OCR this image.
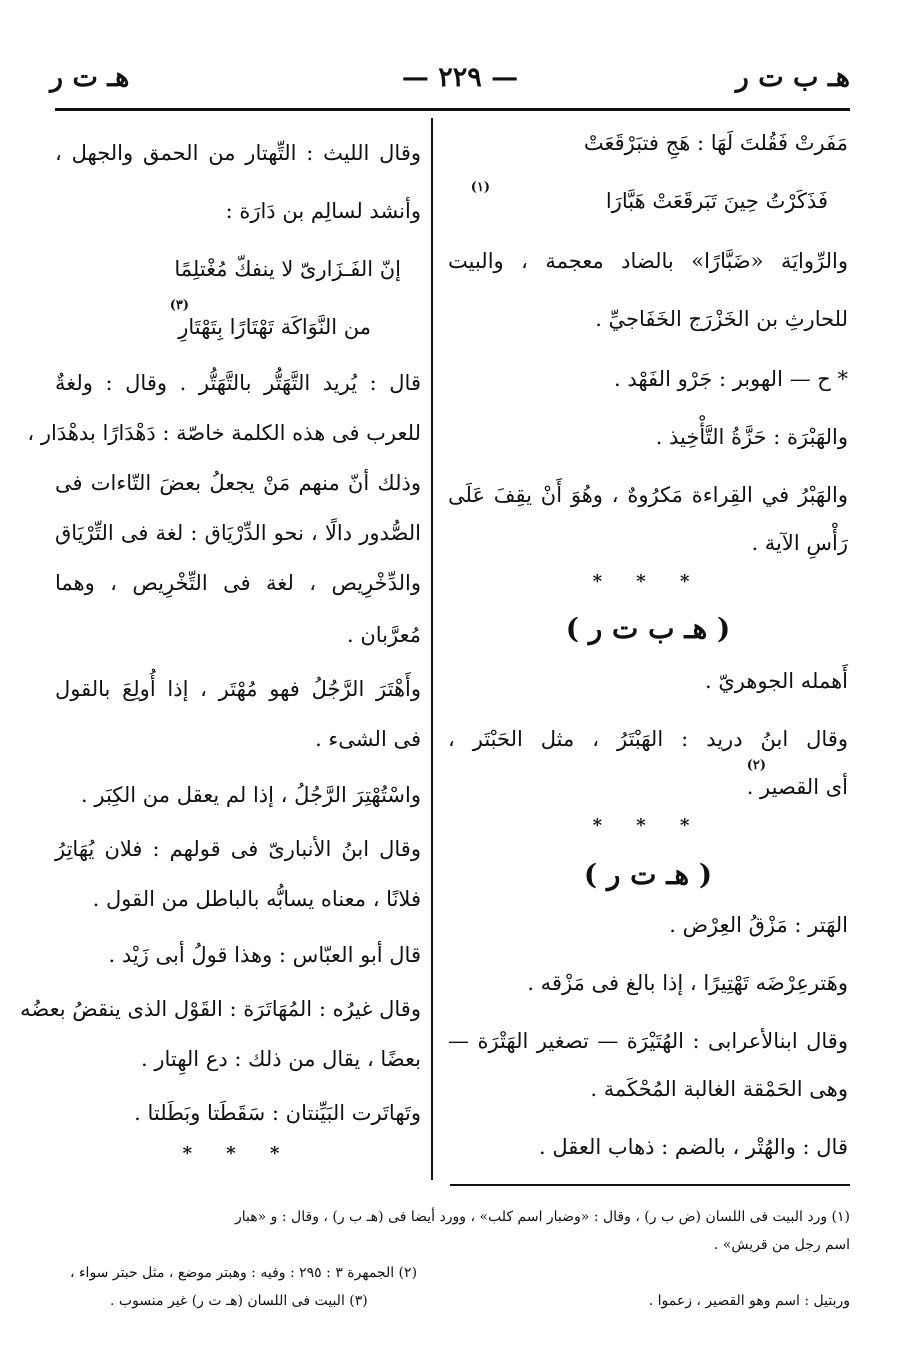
هـ ب ت ر
— ٢٢٩ —
هـ ت ر
مَفَرتْ فَقُلتَ لَهَا : هَجِ فتبَرْقَعَتْ
فَذَكَرْتُ حِينَ تَبَرقَعَتْ هَبَّارَا
(١)
والرِّوايَة «ضَبَّارًا» بالضاد معجمة ، والبيت
للحارثِ بن الخَزْرَج الخَفَاجيِّ .
* ح — الهوبر : جَرْو الفَهْد .
والهَبْرَة : حَزَّةُ التَّأْخِيذ .
والهَبْرُ في القِراءة مَكرُوهٌ ، وهُوَ أَنْ يقِفَ عَلَى
رَأْسِ الآية .
* * *
( هـ ب ت ر )
أَهمله الجوهريّ .
وقال ابنُ دريد : الهَبْتَرُ ، مثل الحَبْتَر ،
أى القصير .
(٢)
* * *
( هـ ت ر )
الهَتر : مَزْقُ العِرْض .
وهَترعِرْضَه تَهْتِيرًا ، إذا بالغ فى مَزْقه .
وقال ابنالأعرابى : الهُتَيْرَة — تصغير الهَتْرَة —
وهى الحَمْقة الغالبة المُحْكَمة .
قال : والهُتْر ، بالضم : ذهاب العقل .
وقال الليث : التِّهتار من الحمق والجهل ،
وأنشد لسالِم بن دَارَة :
إنّ الفَـزَارىّ لا ينفكّ مُغْتلِمًا
من النَّوَاكَة تَهْتَارًا بِتَهْتَارِ
(٣)
قال : يُريد التَّهَتُّر بالتَّهَتُّر . وقال : ولغةٌ
للعرب فى هذه الكلمة خاصّة : دَهْدَارًا بدهْدَار ،
وذلك أنّ منهم مَنْ يجعلُ بعضَ التّاءات فى
الصُّدور دالًا ، نحو الدِّرْيَاق : لغة فى التِّرْيَاق
والدِّخْرِيص ، لغة فى التِّخْرِيص ، وهما
مُعرَّبان .
وأَهْتَرَ الرَّجُلُ فهو مُهْتَر ، إذا أُولِعَ بالقول
فى الشىء .
واسْتُهْتِرَ الرَّجُلُ ، إذا لم يعقل من الكِبَر .
وقال ابنُ الأنبارىّ فى قولهم : فلان يُهَاتِرُ
فلانًا ، معناه يسابُّه بالباطل من القول .
قال أبو العبّاس : وهذا قولُ أبى زَيْد .
وقال غيرُه : المُهَاتَرَة : القَوْل الذى ينقضُ بعضُه
بعضًا ، يقال من ذلك : دع الهِتار .
وتَهاتَرت البَيِّنتان : سَقَطَتا وبَطَلتا .
* * *
(١) ورد البيت فى اللسان (ض ب ر) ، وقال : «وضبار اسم كلب» ، وورد أيضا فى (هـ ب ر) ، وقال : و «هبار
اسم رجل من قريش» .
(٢) الجمهرة ٣ : ٢٩٥ : وفيه : وهبتر موضع ، مثل حبتر سواء ،
وربتيل : اسم وهو القصير ، زعموا .
(٣) البيت فى اللسان (هـ ت ر) غير منسوب .
